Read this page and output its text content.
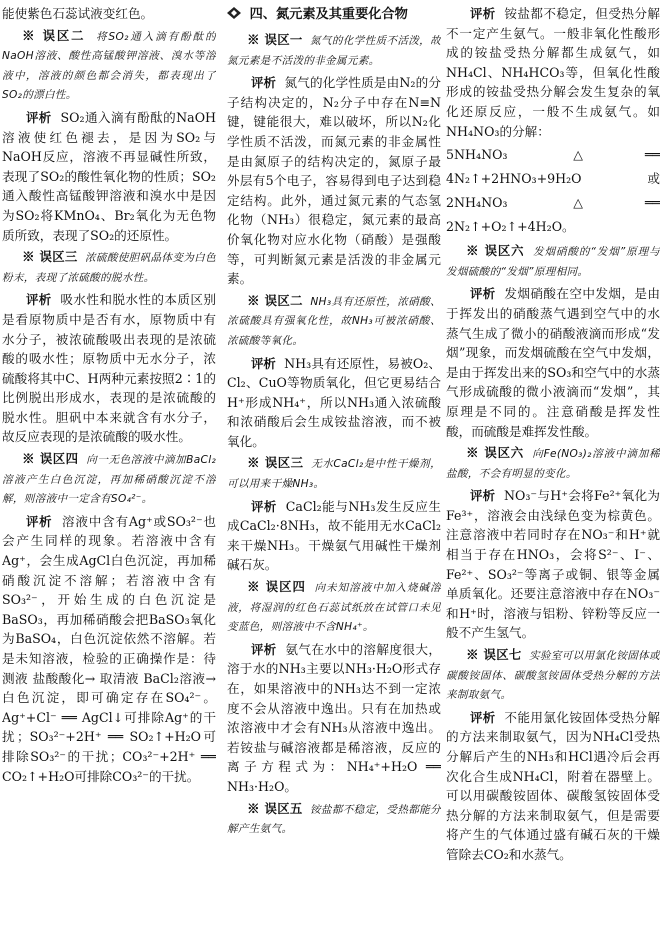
能使紫色石蕊试液变红色。

※ 误区二 将SO₂通入滴有酚酞的NaOH溶液、酸性高锰酸钾溶液、溴水等溶液中，溶液的颜色都会消失，都表现出了SO₂的漂白性。

评析 SO₂通入滴有酚酞的NaOH溶液使红色褪去，是因为SO₂与NaOH反应，溶液不再显碱性所致，表现了SO₂的酸性氧化物的性质；SO₂通入酸性高锰酸钾溶液和溴水中是因为SO₂将KMnO₄、Br₂氧化为无色物质所致，表现了SO₂的还原性。

※ 误区三 浓硫酸使胆矾晶体变为白色粉末，表现了浓硫酸的脱水性。

评析 吸水性和脱水性的本质区别是看原物质中是否有水，原物质中有水分子，被浓硫酸吸出表现的是浓硫酸的吸水性；原物质中无水分子，浓硫酸将其中C、H两种元素按照2∶1的比例脱出形成水，表现的是浓硫酸的脱水性。胆矾中本来就含有水分子，故反应表现的是浓硫酸的吸水性。

※ 误区四 向一无色溶液中滴加BaCl₂溶液产生白色沉淀，再加稀硝酸沉淀不溶解，则溶液中一定含有SO₄²⁻。

评析 溶液中含有Ag⁺或SO₃²⁻也会产生同样的现象。若溶液中含有Ag⁺，会生成AgCl白色沉淀，再加稀硝酸沉淀不溶解；若溶液中含有SO₃²⁻，开始生成的白色沉淀是BaSO₃，再加稀硝酸会把BaSO₃氧化为BaSO₄，白色沉淀依然不溶解。若是未知溶液，检验的正确操作是：待测液 盐酸酸化→ 取清液 BaCl₂溶液→ 白色沉淀，即可确定存在SO₄²⁻。Ag⁺+Cl⁻ ══ AgCl↓可排除Ag⁺的干扰；SO₃²⁻+2H⁺ ══ SO₂↑+H₂O可排除SO₃²⁻的干扰；CO₃²⁻+2H⁺ ══ CO₂↑+H₂O可排除CO₃²⁻的干扰。

四、氮元素及其重要化合物

※ 误区一 氮气的化学性质不活泼，故氮元素是不活泼的非金属元素。

评析 氮气的化学性质是由N₂的分子结构决定的，N₂分子中存在N≡N键，键能很大，难以破坏，所以N₂化学性质不活泼，而氮元素的非金属性是由氮原子的结构决定的，氮原子最外层有5个电子，容易得到电子达到稳定结构。此外，通过氮元素的气态氢化物（NH₃）很稳定，氮元素的最高价氧化物对应水化物（硝酸）是强酸等，可判断氮元素是活泼的非金属元素。

※ 误区二 NH₃具有还原性，浓硝酸、浓硫酸具有强氧化性，故NH₃可被浓硝酸、浓硫酸等氧化。

评析 NH₃具有还原性，易被O₂、Cl₂、CuO等物质氧化，但它更易结合H⁺形成NH₄⁺，所以NH₃通入浓硫酸和浓硝酸后会生成铵盐溶液，而不被氧化。

※ 误区三 无水CaCl₂是中性干燥剂，可以用来干燥NH₃。

评析 CaCl₂能与NH₃发生反应生成CaCl₂·8NH₃，故不能用无水CaCl₂来干燥NH₃。干燥氨气用碱性干燥剂碱石灰。

※ 误区四 向未知溶液中加入烧碱溶液，将湿润的红色石蕊试纸放在试管口未见变蓝色，则溶液中不含NH₄⁺。

评析 氨气在水中的溶解度很大，溶于水的NH₃主要以NH₃·H₂O形式存在，如果溶液中的NH₃达不到一定浓度不会从溶液中逸出。只有在加热或浓溶液中才会有NH₃从溶液中逸出。若铵盐与碱溶液都是稀溶液，反应的离子方程式为：NH₄⁺+H₂O ══ NH₃·H₂O。

※ 误区五 铵盐都不稳定，受热都能分解产生氨气。

评析 铵盐都不稳定，但受热分解不一定产生氨气。一般非氧化性酸形成的铵盐受热分解都生成氨气，如NH₄Cl、NH₄HCO₃等，但氧化性酸形成的铵盐受热分解会发生复杂的氧化还原反应，一般不生成氨气。如NH₄NO₃的分解：

5NH₄NO₃ △══ 4N₂↑+2HNO₃+9H₂O 或 2NH₄NO₃ △══ 2N₂↑+O₂↑+4H₂O。

※ 误区六 发烟硝酸的“发烟”原理与发烟硫酸的“发烟”原理相同。

评析 发烟硝酸在空中发烟，是由于挥发出的硝酸蒸气遇到空气中的水蒸气生成了微小的硝酸液滴而形成“发烟”现象，而发烟硫酸在空气中发烟，是由于挥发出来的SO₃和空气中的水蒸气形成硫酸的微小液滴而“发烟”，其原理是不同的。注意硝酸是挥发性酸，而硫酸是难挥发性酸。

※ 误区六 向Fe(NO₃)₂溶液中滴加稀盐酸，不会有明显的变化。

评析 NO₃⁻与H⁺会将Fe²⁺氧化为Fe³⁺，溶液会由浅绿色变为棕黄色。注意溶液中若同时存在NO₃⁻和H⁺就相当于存在HNO₃，会将S²⁻、I⁻、Fe²⁺、SO₃²⁻等离子或铜、银等金属单质氧化。还要注意溶液中存在NO₃⁻和H⁺时，溶液与铝粉、锌粉等反应一般不产生氢气。

※ 误区七 实验室可以用氯化铵固体或碳酸铵固体、碳酸氢铵固体受热分解的方法来制取氨气。

评析 不能用氯化铵固体受热分解的方法来制取氨气，因为NH₄Cl受热分解后产生的NH₃和HCl遇冷后会再次化合生成NH₄Cl，附着在器壁上。可以用碳酸铵固体、碳酸氢铵固体受热分解的方法来制取氨气，但是需要将产生的气体通过盛有碱石灰的干燥管除去CO₂和水蒸气。
